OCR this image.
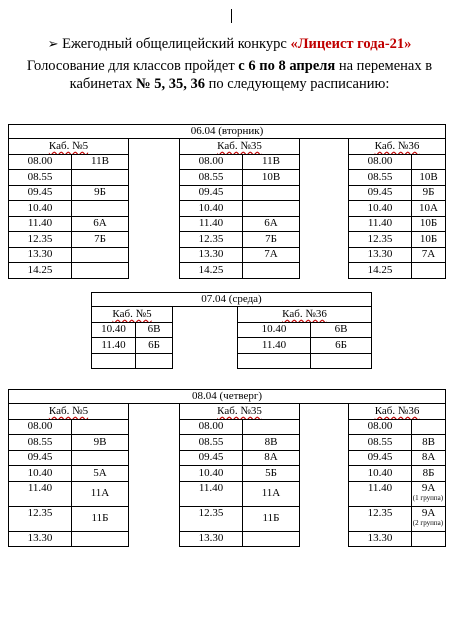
➢ Ежегодный общелицейский конкурс «Лицеист года-21»
Голосование для классов пройдет с 6 по 8 апреля на переменах в
кабинетах № 5, 35, 36 по следующему расписанию:
06.04 (вторник)							
Каб. №5			Каб. №35			Каб. №36	
08.00	11В		08.00	11В		08.00	
08.55			08.55	10В		08.55	10В
09.45	9Б		09.45			09.45	9Б
10.40			10.40			10.40	10А
11.40	6А		11.40	6А		11.40	10Б
12.35	7Б		12.35	7Б		12.35	10Б
13.30			13.30	7А		13.30	7А
14.25			14.25			14.25	
07.04 (среда)				
Каб. №5			Каб. №36	
10.40	6В		10.40	6В
11.40	6Б		11.40	6Б

08.04 (четверг)							
Каб. №5			Каб. №35			Каб. №36	
08.00			08.00			08.00	
08.55	9В		08.55	8В		08.55	8В
09.45			09.45	8А		09.45	8А
10.40	5А		10.40	5Б		10.40	8Б
11.40	11А		11.40	11А		11.40	9А
(1 группа)

12.35	11Б		12.35	11Б		12.35	9А
(2 группа)

13.30			13.30			13.30	
